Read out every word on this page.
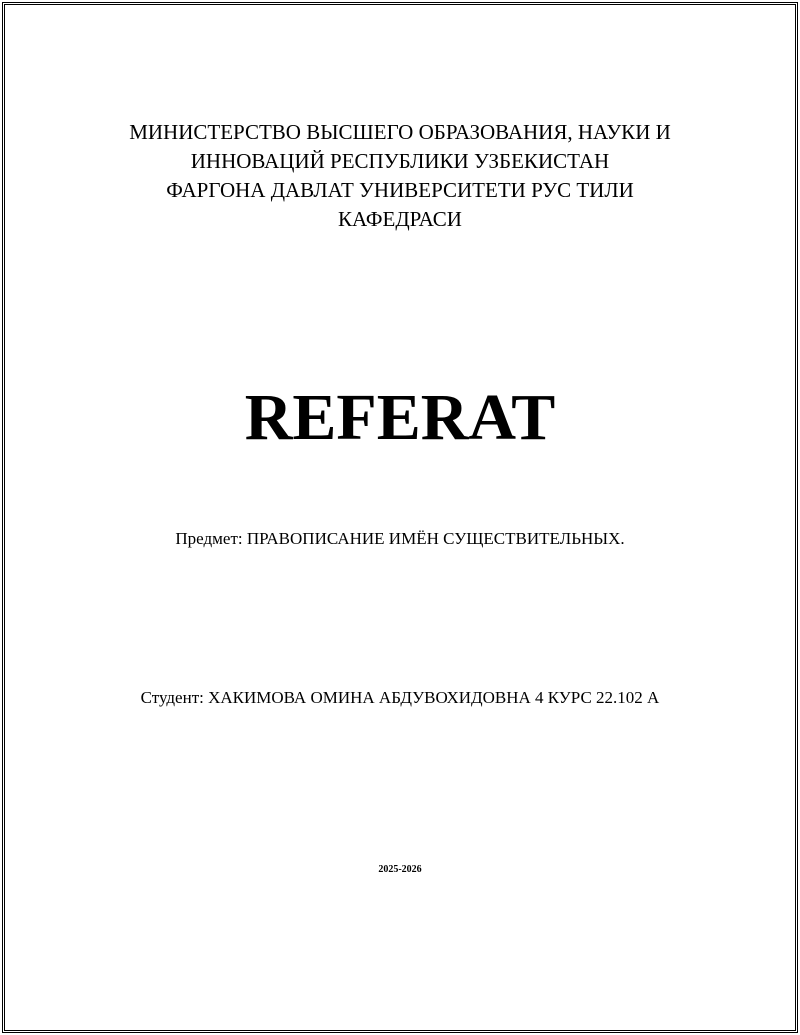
МИНИСТЕРСТВО ВЫСШЕГО ОБРАЗОВАНИЯ, НАУКИ И
ИННОВАЦИЙ РЕСПУБЛИКИ УЗБЕКИСТАН
ФАРГОНА ДАВЛАТ УНИВЕРСИТЕТИ РУС ТИЛИ
КАФЕДРАСИ
REFERAT
Предмет: ПРАВОПИСАНИЕ ИМЁН СУЩЕСТВИТЕЛЬНЫХ.
Студент: ХАКИМОВА ОМИНА АБДУВОХИДОВНА 4 КУРС 22.102 А
2025-2026
